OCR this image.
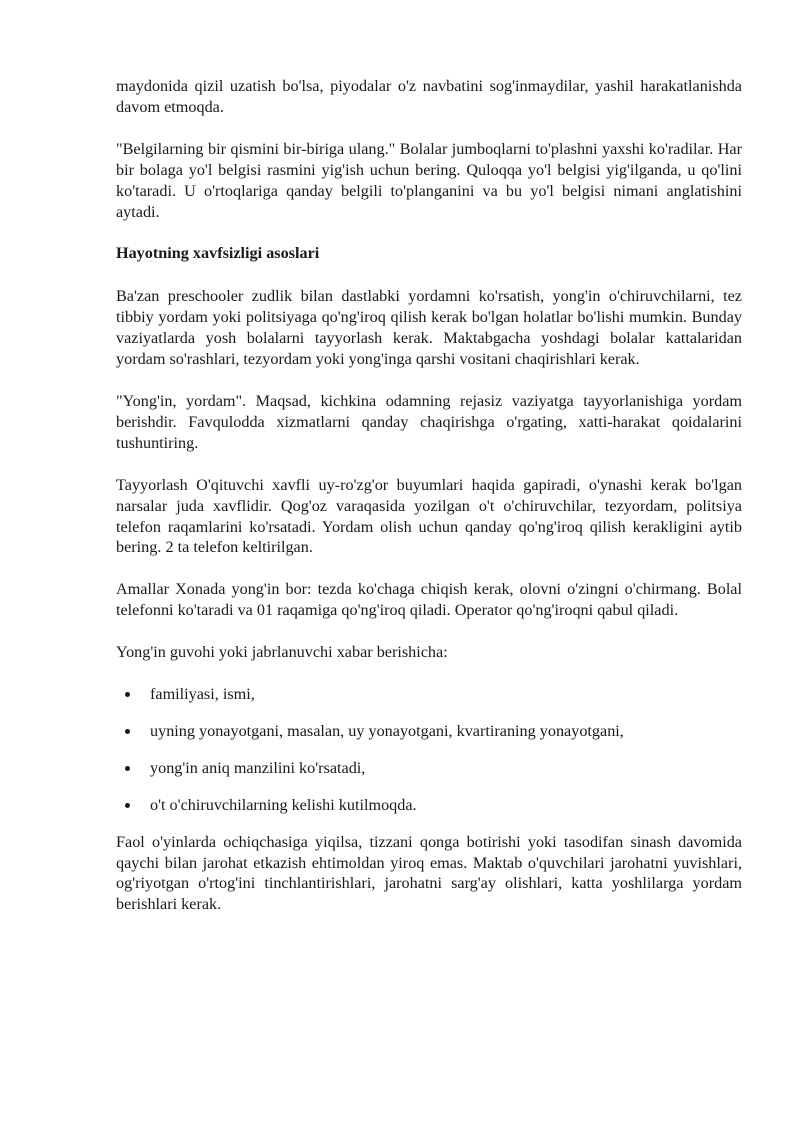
maydonida qizil uzatish bo'lsa, piyodalar o'z navbatini sog'inmaydilar, yashil harakatlanishda davom etmoqda.

"Belgilarning bir qismini bir-biriga ulang." Bolalar jumboqlarni to'plashni yaxshi ko'radilar. Har bir bolaga yo'l belgisi rasmini yig'ish uchun bering. Quloqqa yo'l belgisi yig'ilganda, u qo'lini ko'taradi. U o'rtoqlariga qanday belgili to'planganini va bu yo'l belgisi nimani anglatishini aytadi.

Hayotning xavfsizligi asoslari

Ba'zan preschooler zudlik bilan dastlabki yordamni ko'rsatish, yong'in o'chiruvchilarni, tez tibbiy yordam yoki politsiyaga qo'ng'iroq qilish kerak bo'lgan holatlar bo'lishi mumkin. Bunday vaziyatlarda yosh bolalarni tayyorlash kerak. Maktabgacha yoshdagi bolalar kattalaridan yordam so'rashlari, tezyordam yoki yong'inga qarshi vositani chaqirishlari kerak.

"Yong'in, yordam". Maqsad, kichkina odamning rejasiz vaziyatga tayyorlanishiga yordam berishdir. Favqulodda xizmatlarni qanday chaqirishga o'rgating, xatti-harakat qoidalarini tushuntiring.

Tayyorlash O'qituvchi xavfli uy-ro'zg'or buyumlari haqida gapiradi, o'ynashi kerak bo'lgan narsalar juda xavflidir. Qog'oz varaqasida yozilgan o't o'chiruvchilar, tezyordam, politsiya telefon raqamlarini ko'rsatadi. Yordam olish uchun qanday qo'ng'iroq qilish kerakligini aytib bering. 2 ta telefon keltirilgan.

Amallar Xonada yong'in bor: tezda ko'chaga chiqish kerak, olovni o'zingni o'chirmang. Bolal telefonni ko'taradi va 01 raqamiga qo'ng'iroq qiladi. Operator qo'ng'iroqni qabul qiladi.

Yong'in guvohi yoki jabrlanuvchi xabar berishicha:

familiyasi, ismi,
uyning yonayotgani, masalan, uy yonayotgani, kvartiraning yonayotgani,
yong'in aniq manzilini ko'rsatadi,
o't o'chiruvchilarning kelishi kutilmoqda.

Faol o'yinlarda ochiqchasiga yiqilsa, tizzani qonga botirishi yoki tasodifan sinash davomida qaychi bilan jarohat etkazish ehtimoldan yiroq emas. Maktab o'quvchilari jarohatni yuvishlari, og'riyotgan o'rtog'ini tinchlantirishlari, jarohatni sarg'ay olishlari, katta yoshlilarga yordam berishlari kerak.
